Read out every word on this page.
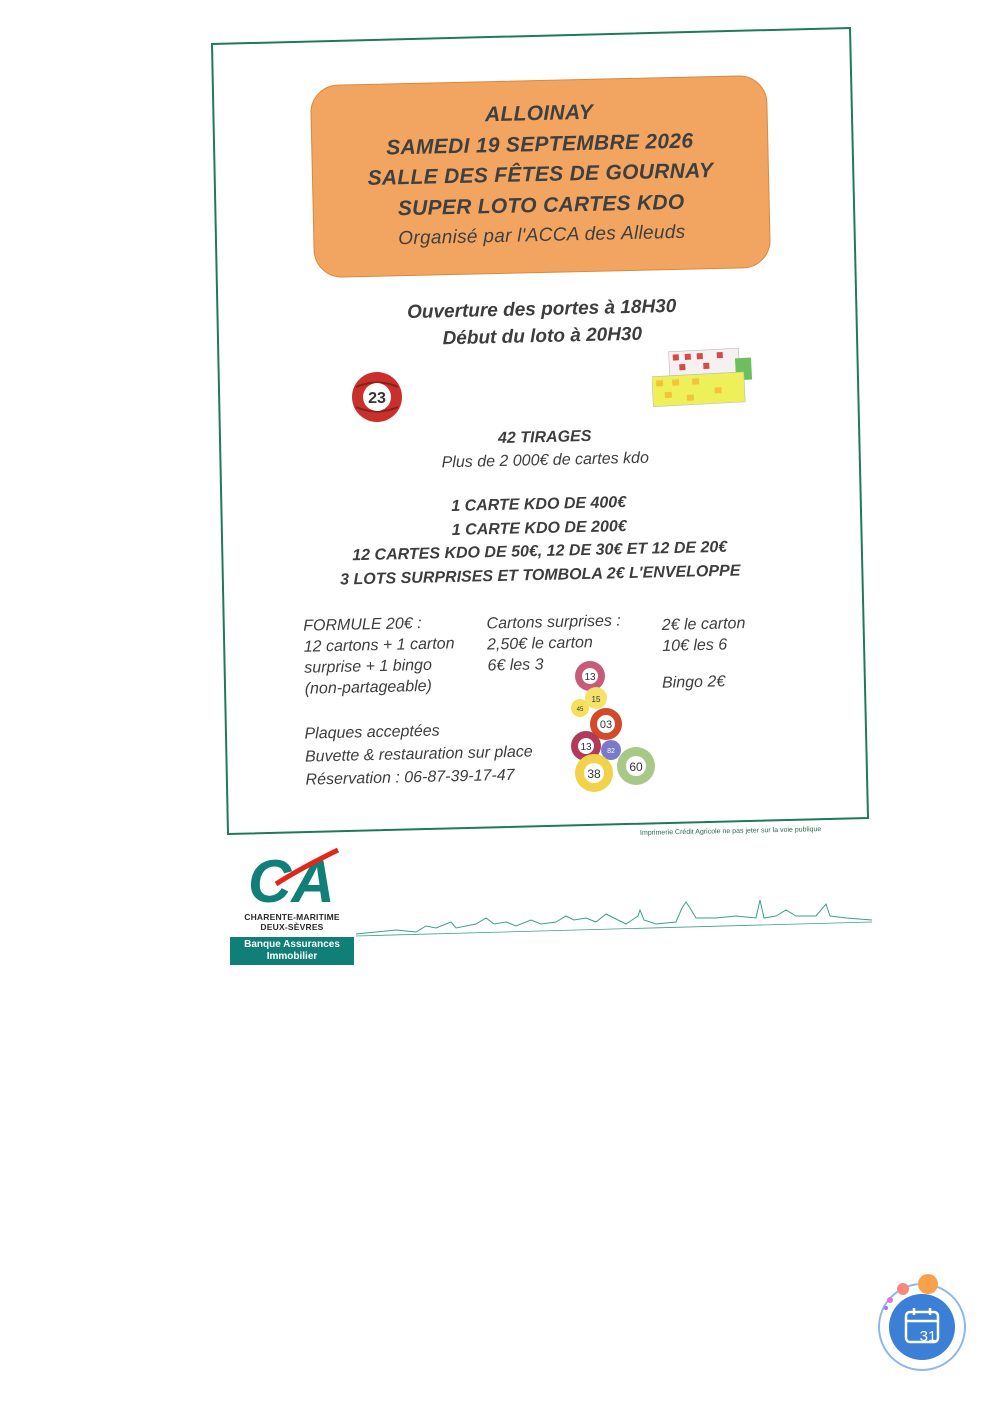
ALLOINAY
SAMEDI 19 SEPTEMBRE 2026
SALLE DES FÊTES DE GOURNAY
SUPER LOTO CARTES KDO
Organisé par l'ACCA des Alleuds
Ouverture des portes à 18H30
Début du loto à 20H30
23
42 TIRAGES
Plus de 2 000€ de cartes kdo
1 CARTE KDO DE 400€
1 CARTE KDO DE 200€
12 CARTES KDO DE 50€, 12 DE 30€ ET 12 DE 20€
3 LOTS SURPRISES ET TOMBOLA 2€ L'ENVELOPPE
FORMULE 20€ :
12 cartons + 1 carton
surprise + 1 bingo
(non-partageable)
Cartons surprises :
2,50€ le carton
6€ les 3
2€ le carton
10€ les 6
Bingo 2€
Plaques acceptées
Buvette & restauration sur place
Réservation : 06-87-39-17-47
13
15
45
03
13 82
38 60
Imprimerie Crédit Agricole ne pas jeter sur la voie publique
CA
CHARENTE-MARITIME
DEUX-SÈVRES
Banque Assurances
Immobilier
31
